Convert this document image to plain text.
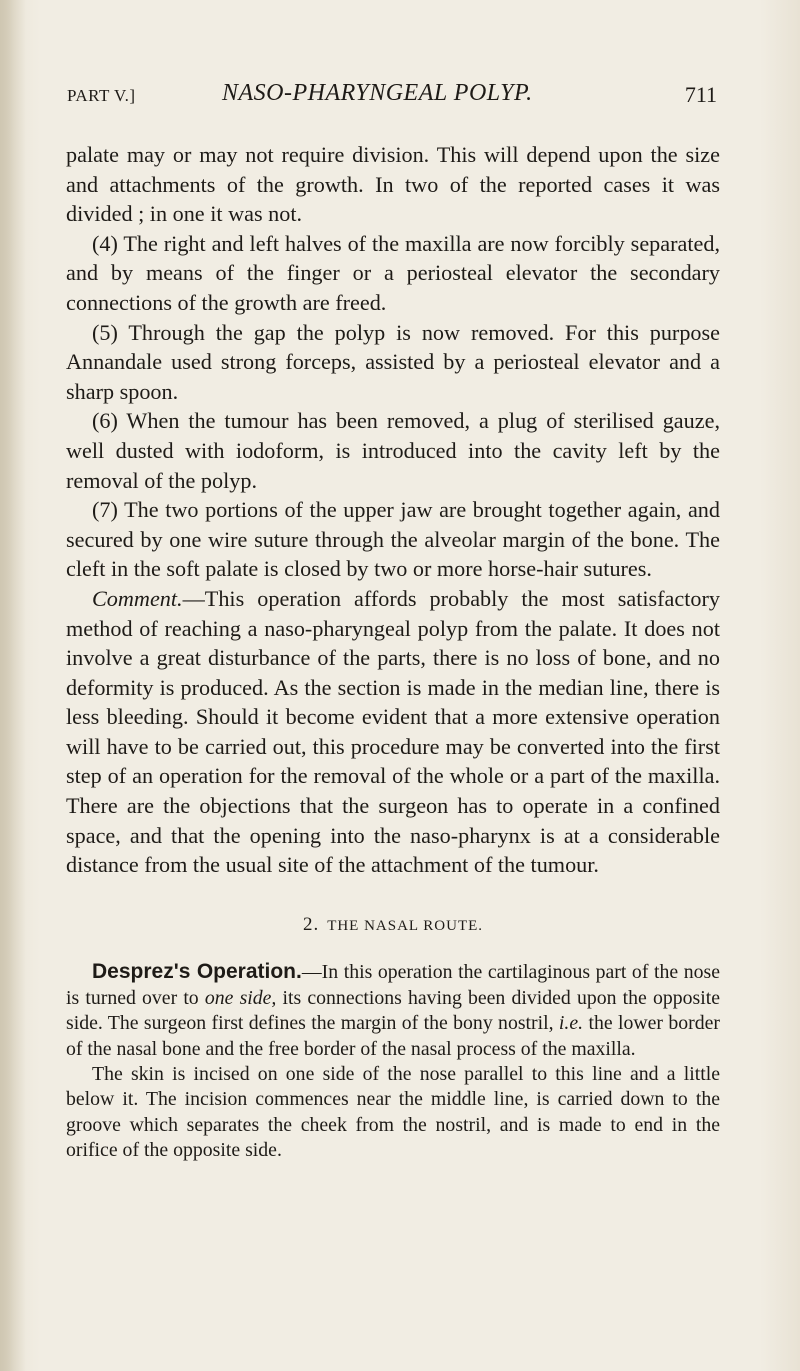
PART V.]	NASO-PHARYNGEAL POLYP.	711

palate may or may not require division. This will depend upon the size and attachments of the growth. In two of the reported cases it was divided ; in one it was not.

(4) The right and left halves of the maxilla are now forcibly separated, and by means of the finger or a periosteal elevator the secondary connections of the growth are freed.

(5) Through the gap the polyp is now removed. For this purpose Annandale used strong forceps, assisted by a periosteal elevator and a sharp spoon.

(6) When the tumour has been removed, a plug of sterilised gauze, well dusted with iodoform, is introduced into the cavity left by the removal of the polyp.

(7) The two portions of the upper jaw are brought together again, and secured by one wire suture through the alveolar margin of the bone. The cleft in the soft palate is closed by two or more horse-hair sutures.

Comment.—This operation affords probably the most satisfactory method of reaching a naso-pharyngeal polyp from the palate. It does not involve a great disturbance of the parts, there is no loss of bone, and no deformity is produced. As the section is made in the median line, there is less bleeding. Should it become evident that a more extensive operation will have to be carried out, this procedure may be converted into the first step of an operation for the removal of the whole or a part of the maxilla. There are the objections that the surgeon has to operate in a confined space, and that the opening into the naso-pharynx is at a considerable distance from the usual site of the attachment of the tumour.

2. THE NASAL ROUTE.

Desprez's Operation.—In this operation the cartilaginous part of the nose is turned over to one side, its connections having been divided upon the opposite side. The surgeon first defines the margin of the bony nostril, i.e. the lower border of the nasal bone and the free border of the nasal process of the maxilla.

The skin is incised on one side of the nose parallel to this line and a little below it. The incision commences near the middle line, is carried down to the groove which separates the cheek from the nostril, and is made to end in the orifice of the opposite side.
